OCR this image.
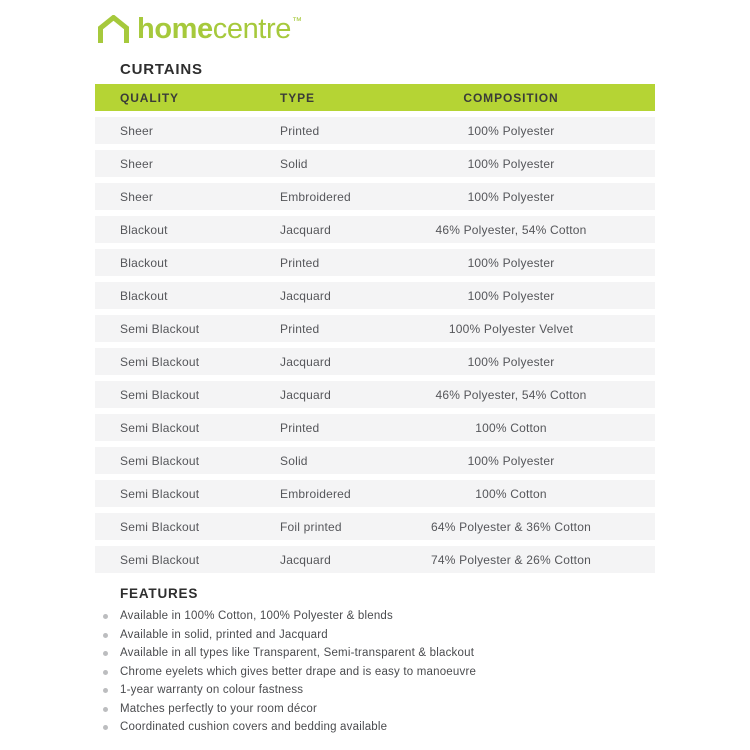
home centre ™
CURTAINS
QUALITY	TYPE	COMPOSITION
Sheer	Printed	100% Polyester
Sheer	Solid	100% Polyester
Sheer	Embroidered	100% Polyester
Blackout	Jacquard	46% Polyester, 54% Cotton
Blackout	Printed	100% Polyester
Blackout	Jacquard	100% Polyester
Semi Blackout	Printed	100% Polyester Velvet
Semi Blackout	Jacquard	100% Polyester
Semi Blackout	Jacquard	46% Polyester, 54% Cotton
Semi Blackout	Printed	100% Cotton
Semi Blackout	Solid	100% Polyester
Semi Blackout	Embroidered	100% Cotton
Semi Blackout	Foil printed	64% Polyester & 36% Cotton
Semi Blackout	Jacquard	74% Polyester & 26% Cotton
FEATURES
Available in 100% Cotton, 100% Polyester & blends
Available in solid, printed and Jacquard
Available in all types like Transparent, Semi-transparent & blackout
Chrome eyelets which gives better drape and is easy to manoeuvre
1-year warranty on colour fastness
Matches perfectly to your room décor
Coordinated cushion covers and bedding available
